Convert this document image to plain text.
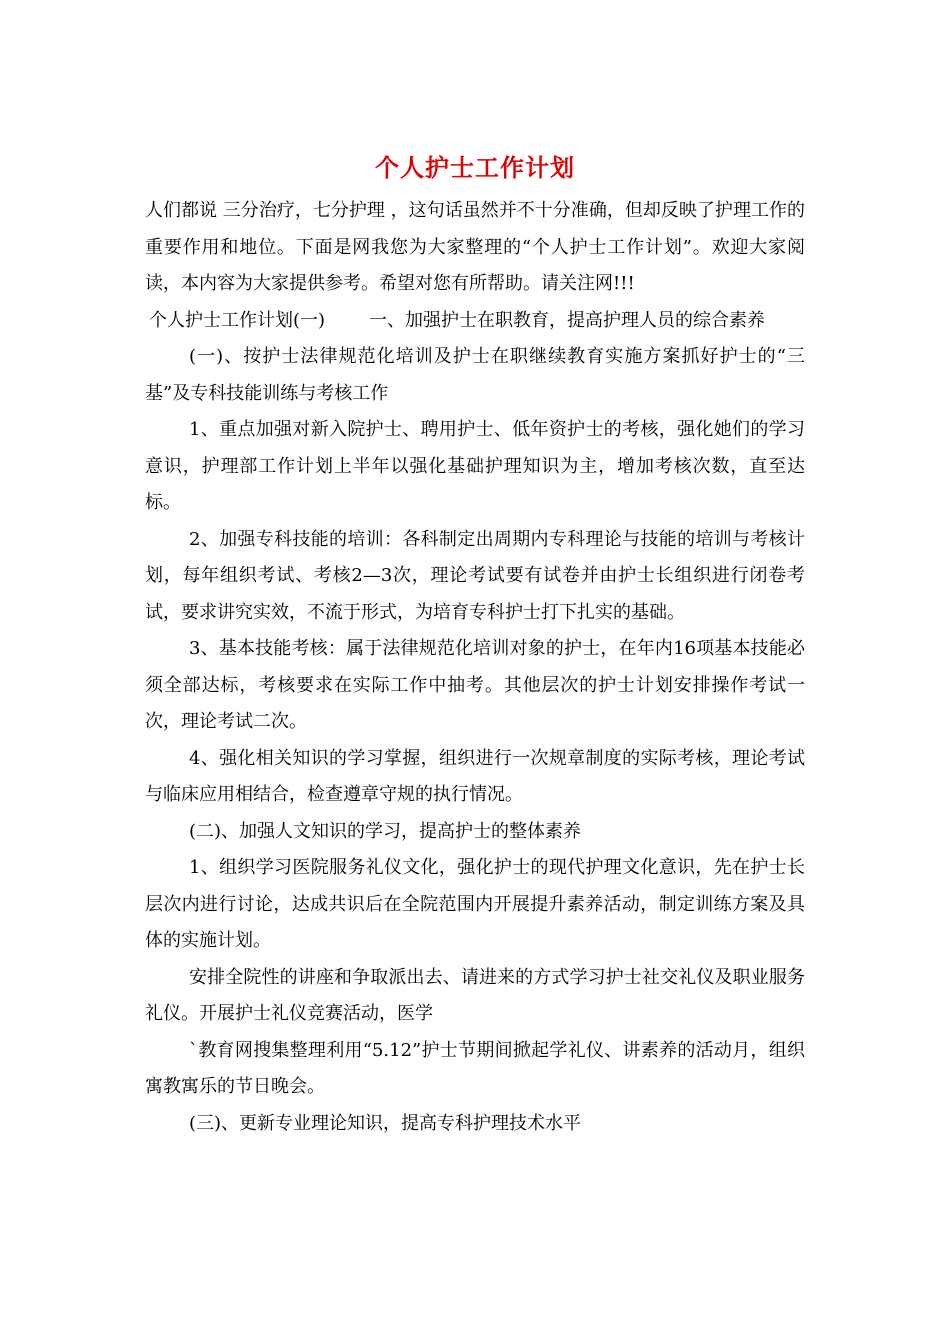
个人护士工作计划

人们都说 三分治疗，七分护理 ，这句话虽然并不十分准确，但却反映了护理工作的重要作用和地位。下面是网我您为大家整理的“个人护士工作计划”。欢迎大家阅读，本内容为大家提供参考。希望对您有所帮助。请关注网!!!

个人护士工作计划(一) 一、加强护士在职教育，提高护理人员的综合素养

(一)、按护士法律规范化培训及护士在职继续教育实施方案抓好护士的“三基”及专科技能训练与考核工作

1、重点加强对新入院护士、聘用护士、低年资护士的考核，强化她们的学习意识，护理部工作计划上半年以强化基础护理知识为主，增加考核次数，直至达标。

2、加强专科技能的培训：各科制定出周期内专科理论与技能的培训与考核计划，每年组织考试、考核2—3次，理论考试要有试卷并由护士长组织进行闭卷考试，要求讲究实效，不流于形式，为培育专科护士打下扎实的基础。

3、基本技能考核：属于法律规范化培训对象的护士，在年内16项基本技能必须全部达标，考核要求在实际工作中抽考。其他层次的护士计划安排操作考试一次，理论考试二次。

4、强化相关知识的学习掌握，组织进行一次规章制度的实际考核，理论考试与临床应用相结合，检查遵章守规的执行情况。

(二)、加强人文知识的学习，提高护士的整体素养

1、组织学习医院服务礼仪文化，强化护士的现代护理文化意识，先在护士长层次内进行讨论，达成共识后在全院范围内开展提升素养活动，制定训练方案及具体的实施计划。

安排全院性的讲座和争取派出去、请进来的方式学习护士社交礼仪及职业服务礼仪。开展护士礼仪竞赛活动，医学

`教育网搜集整理利用“5.12”护士节期间掀起学礼仪、讲素养的活动月，组织寓教寓乐的节日晚会。

(三)、更新专业理论知识，提高专科护理技术水平
